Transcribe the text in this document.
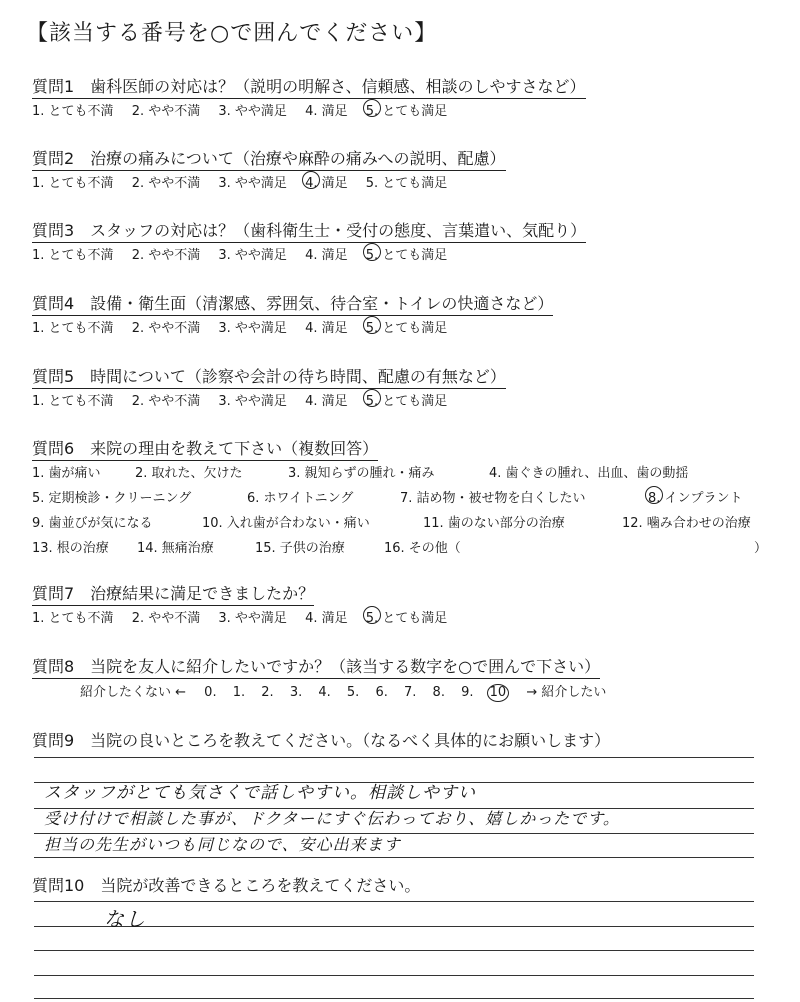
【該当する番号を○で囲んでください】
質問1　歯科医師の対応は？（説明の明解さ、信頼感、相談のしやすさなど）
1. とても不満 2. やや不満 3. やや満足 4. 満足 5. とても満足
質問2　治療の痛みについて（治療や麻酔の痛みへの説明、配慮）
1. とても不満 2. やや不満 3. やや満足 4. 満足 5. とても満足
質問3　スタッフの対応は？（歯科衛生士・受付の態度、言葉遣い、気配り）
1. とても不満 2. やや不満 3. やや満足 4. 満足 5. とても満足
質問4　設備・衛生面（清潔感、雰囲気、待合室・トイレの快適さなど）
1. とても不満 2. やや不満 3. やや満足 4. 満足 5. とても満足
質問5　時間について（診察や会計の待ち時間、配慮の有無など）
1. とても不満 2. やや不満 3. やや満足 4. 満足 5. とても満足
質問6　来院の理由を教えて下さい（複数回答）
1. 歯が痛い	2. 取れた、欠けた	3. 親知らずの腫れ・痛み	4. 歯ぐきの腫れ、出血、歯の動揺
5. 定期検診・クリーニング	6. ホワイトニング	7. 詰め物・被せ物を白くしたい	8. インプラント
9. 歯並びが気になる	10. 入れ歯が合わない・痛い	11. 歯のない部分の治療	12. 噛み合わせの治療
13. 根の治療 14. 無痛治療	15. 子供の治療	16. その他（	）
質問7　治療結果に満足できましたか？
1. とても不満 2. やや不満 3. やや満足 4. 満足 5. とても満足
質問8　当院を友人に紹介したいですか？（該当する数字を○で囲んで下さい）
紹介したくない ← 0. 1. 2. 3. 4. 5. 6. 7. 8. 9. 10 → 紹介したい
質問9　当院の良いところを教えてください。（なるべく具体的にお願いします）
スタッフがとても気さくで話しやすい。相談しやすい
受け付けで相談した事が、ドクターにすぐ伝わっており、嬉しかったです。
担当の先生がいつも同じなので、安心出来ます
質問10　当院が改善できるところを教えてください。
なし
